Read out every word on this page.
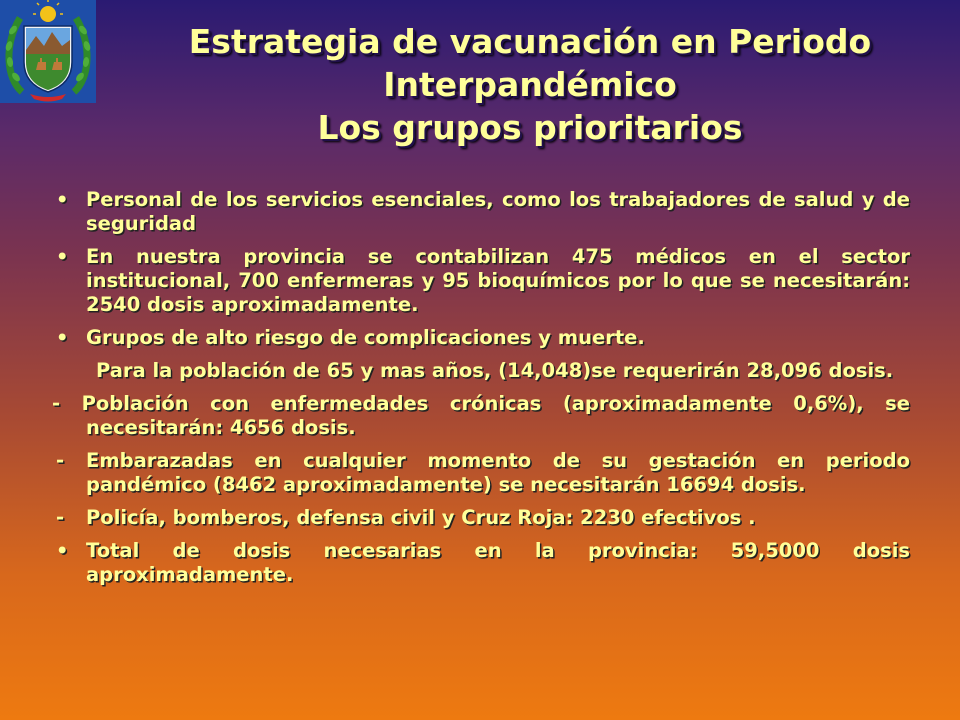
Estrategia de vacunación en Periodo
Interpandémico
Los grupos prioritarios
• Personal de los servicios esenciales, como los trabajadores de salud y de seguridad
• En nuestra provincia se contabilizan 475 médicos en el sector institucional, 700 enfermeras y 95 bioquímicos por lo que se necesitarán: 2540 dosis aproximadamente.
• Grupos de alto riesgo de complicaciones y muerte.
Para la población de 65 y mas años, (14,048)se requerirán 28,096 dosis.
- Población con enfermedades crónicas (aproximadamente 0,6%), se necesitarán: 4656 dosis.
-	Embarazadas en cualquier momento de su gestación en periodo pandémico (8462 aproximadamente) se necesitarán 16694 dosis.
-	Policía, bomberos, defensa civil y Cruz Roja: 2230 efectivos .
• Total de dosis necesarias en la provincia: 59,5000 dosis aproximadamente.
